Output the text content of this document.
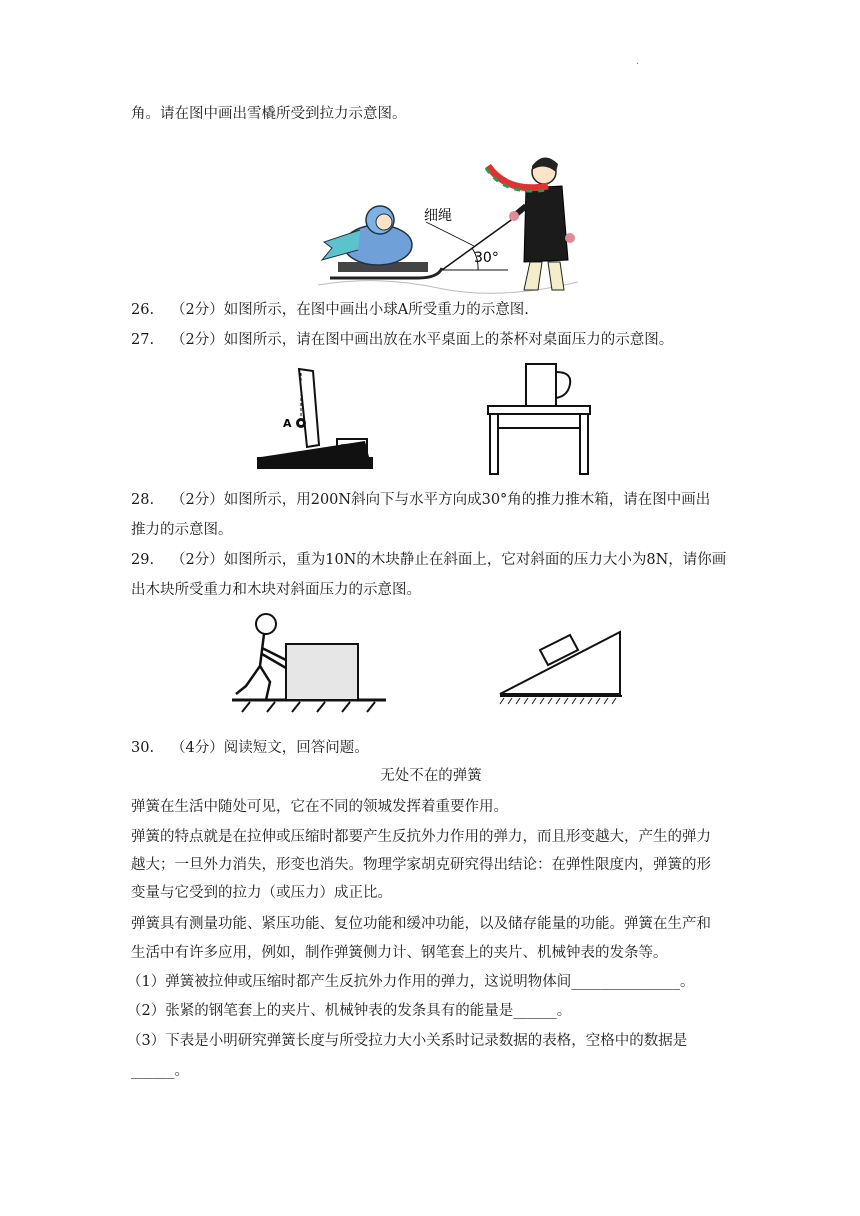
.
角。请在图中画出雪橇所受到拉力示意图。
细绳
30°
26. （2分）如图所示，在图中画出小球A所受重力的示意图.
27. （2分）如图所示，请在图中画出放在水平桌面上的茶杯对桌面压力的示意图。
A
28. （2分）如图所示，用200N斜向下与水平方向成30°角的推力推木箱，请在图中画出
推力的示意图。
29. （2分）如图所示，重为10N的木块静止在斜面上，它对斜面的压力大小为8N，请你画
出木块所受重力和木块对斜面压力的示意图。
30. （4分）阅读短文，回答问题。
无处不在的弹簧
弹簧在生活中随处可见，它在不同的领城发挥着重要作用。
弹簧的特点就是在拉伸或压缩时都要产生反抗外力作用的弹力，而且形变越大，产生的弹力
越大；一旦外力消失，形变也消失。物理学家胡克研究得出结论：在弹性限度内，弹簧的形
变量与它受到的拉力（或压力）成正比。
弹簧具有测量功能、紧压功能、复位功能和缓冲功能，以及储存能量的功能。弹簧在生产和
生活中有许多应用，例如，制作弹簧侧力计、钢笔套上的夹片、机械钟表的发条等。
（1）弹簧被拉伸或压缩时都产生反抗外力作用的弹力，这说明物体间_______________。
（2）张紧的钢笔套上的夹片、机械钟表的发条具有的能量是______。
（3）下表是小明研究弹簧长度与所受拉力大小关系时记录数据的表格，空格中的数据是
______。
